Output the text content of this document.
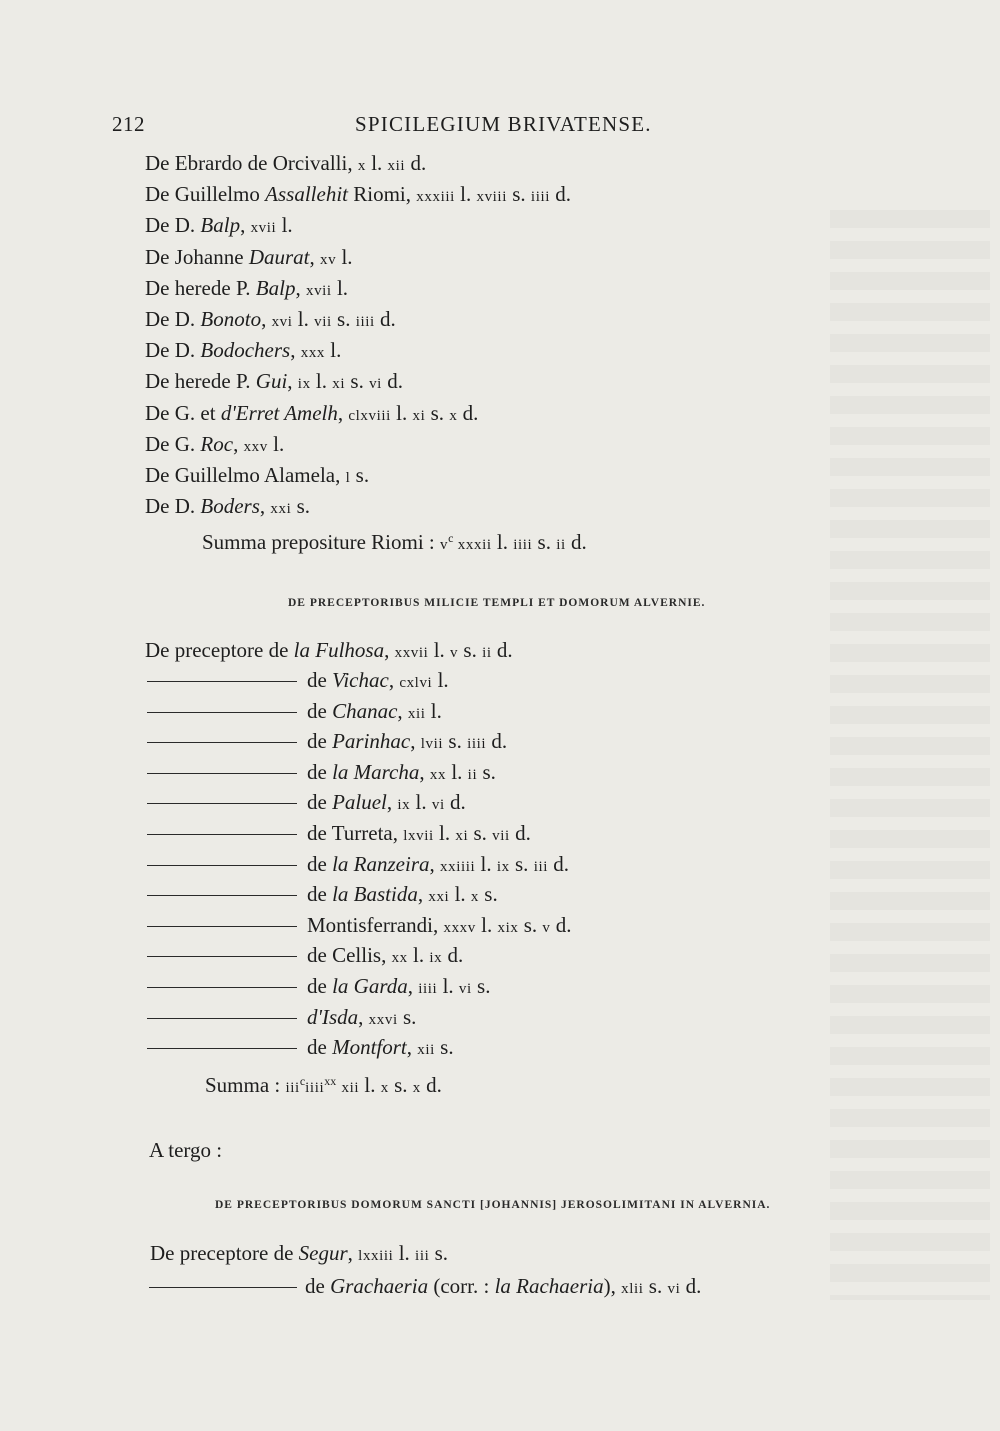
212	SPICILEGIUM BRIVATENSE.
De Ebrardo de Orcivalli, x l. xii d.
De Guillelmo Assallehit Riomi, xxxiii l. xviii s. iiii d.
De D. Balp, xvii l.
De Johanne Daurat, xv l.
De herede P. Balp, xvii l.
De D. Bonoto, xvi l. vii s. iiii d.
De D. Bodochers, xxx l.
De herede P. Gui, ix l. xi s. vi d.
De G. et d'Erret Amelh, clxviii l. xi s. x d.
De G. Roc, xxv l.
De Guillelmo Alamela, l s.
De D. Boders, xxi s.
Summa prepositure Riomi : $v^c$ xxxii l. iiii s. ii d.
DE PRECEPTORIBUS MILICIE TEMPLI ET DOMORUM ALVERNIE.
De preceptore de la Fulhosa, xxvii l. v s. ii d.
de Vichac, cxlvi l.
de Chanac, xii l.
de Parinhac, lvii s. iiii d.
de la Marcha, xx l. ii s.
de Paluel, ix l. vi d.
de Turreta, lxvii l. xi s. vii d.
de la Ranzeira, xxiiii l. ix s. iii d.
de la Bastida, xxi l. x s.
Montisferrandi, xxxv l. xix s. v d.
de Cellis, xx l. ix d.
de la Garda, iiii l. vi s.
d'Isda, xxvi s.
de Montfort, xii s.
Summa : iii$^c$iiii$^{xx}$ xii l. x s. x d.
A tergo :
DE PRECEPTORIBUS DOMORUM SANCTI [JOHANNIS] JEROSOLIMITANI IN ALVERNIA.
De preceptore de Segur, lxxiii l. iii s.
de Grachaeria (corr. : la Rachaeria), xlii s. vi d.
